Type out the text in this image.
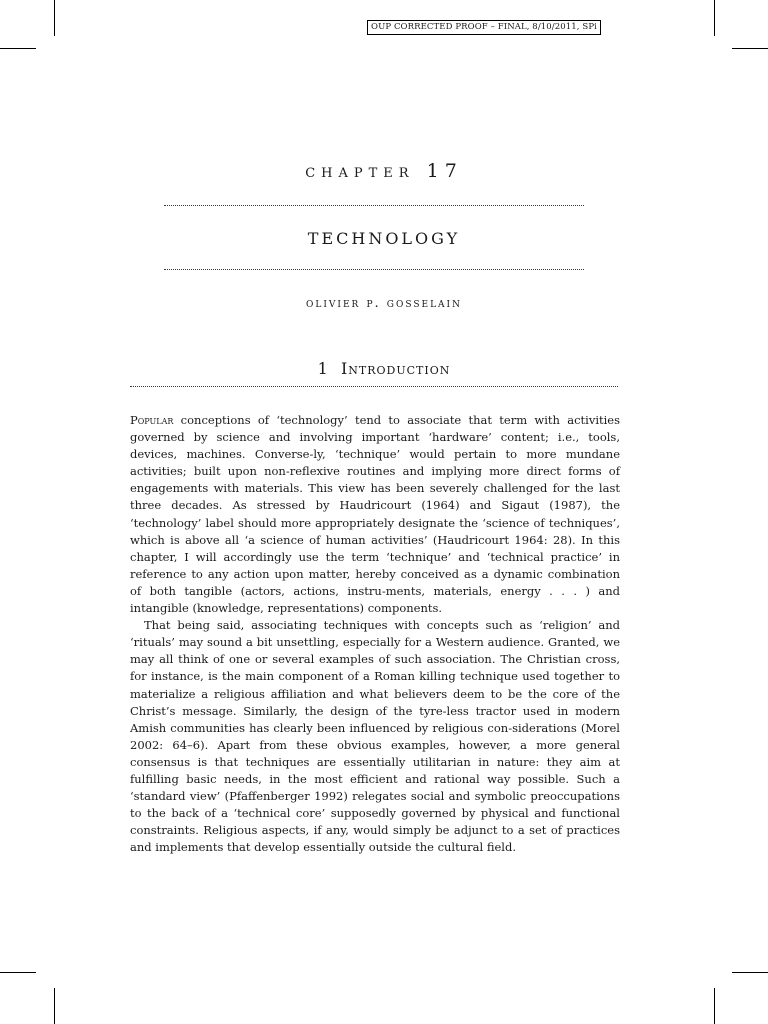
OUP CORRECTED PROOF – FINAL, 8/10/2011, SPi
chapter 17
technology
olivier p. gosselain
1 Introduction

Popular conceptions of ‘technology’ tend to associate that term with activities governed by science and involving important ‘hardware’ content; i.e., tools, devices, machines. Converse-ly, ‘technique’ would pertain to more mundane activities; built upon non-reflexive routines and implying more direct forms of engagements with materials. This view has been severely challenged for the last three decades. As stressed by Haudricourt (1964) and Sigaut (1987), the ‘technology’ label should more appropriately designate the ‘science of techniques’, which is above all ‘a science of human activities’ (Haudricourt 1964: 28). In this chapter, I will accordingly use the term ‘technique’ and ‘technical practice’ in reference to any action upon matter, hereby conceived as a dynamic combination of both tangible (actors, actions, instru-ments, materials, energy . . . ) and intangible (knowledge, representations) components.

That being said, associating techniques with concepts such as ‘religion’ and ‘rituals’ may sound a bit unsettling, especially for a Western audience. Granted, we may all think of one or several examples of such association. The Christian cross, for instance, is the main component of a Roman killing technique used together to materialize a religious affiliation and what believers deem to be the core of the Christ’s message. Similarly, the design of the tyre-less tractor used in modern Amish communities has clearly been influenced by religious con-siderations (Morel 2002: 64–6). Apart from these obvious examples, however, a more general consensus is that techniques are essentially utilitarian in nature: they aim at fulfilling basic needs, in the most efficient and rational way possible. Such a ‘standard view’ (Pfaffenberger 1992) relegates social and symbolic preoccupations to the back of a ‘technical core’ supposedly governed by physical and functional constraints. Religious aspects, if any, would simply be adjunct to a set of practices and implements that develop essentially outside the cultural field.
